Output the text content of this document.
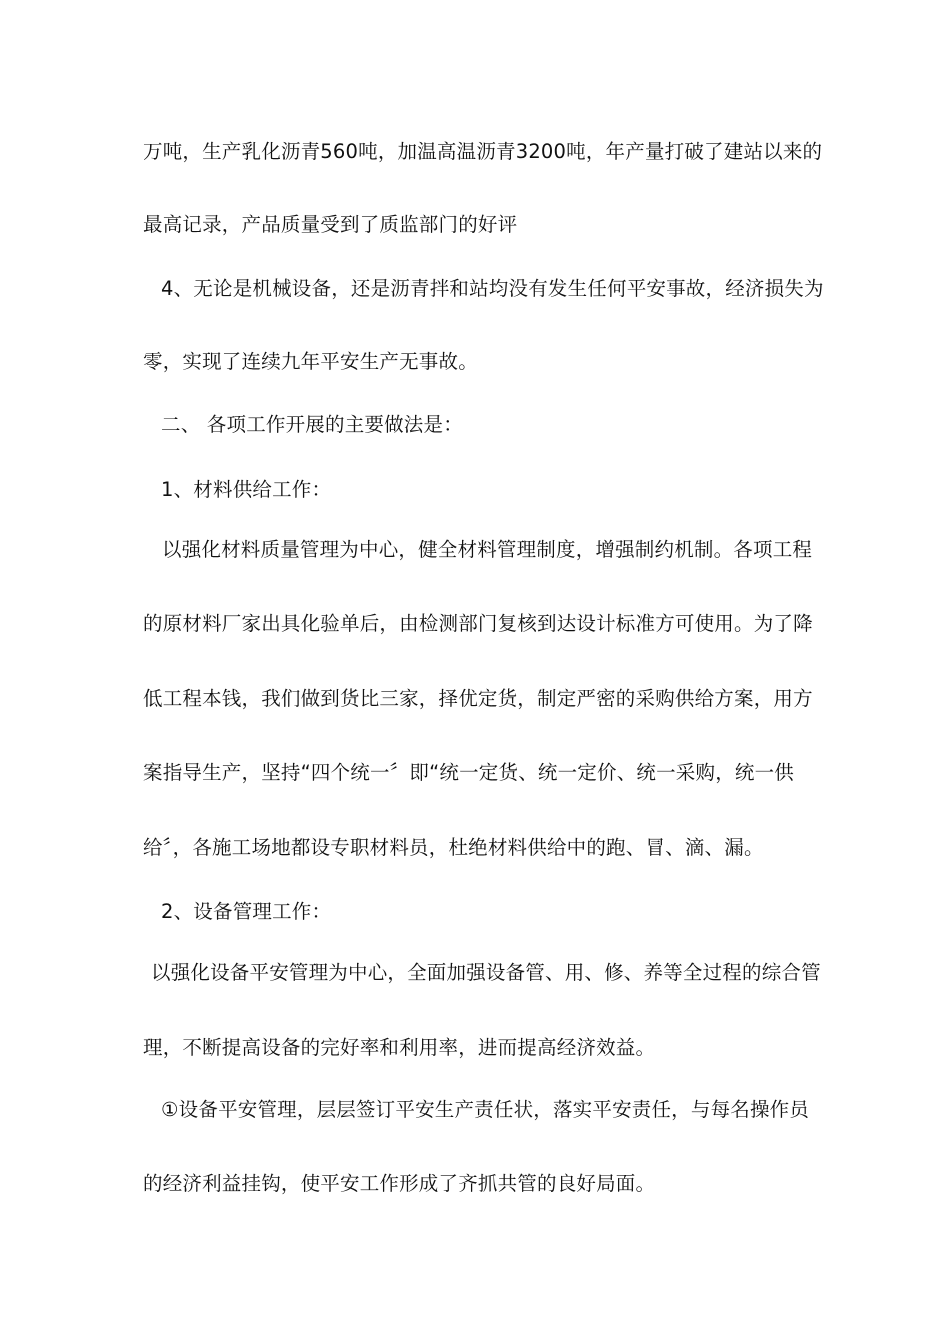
万吨，生产乳化沥青560吨，加温高温沥青3200吨，年产量打破了建站以来的
最高记录，产品质量受到了质监部门的好评
4、无论是机械设备，还是沥青拌和站均没有发生任何平安事故，经济损失为
零，实现了连续九年平安生产无事故。
二、 各项工作开展的主要做法是：
1、材料供给工作：
以强化材料质量管理为中心，健全材料管理制度，增强制约机制。各项工程
的原材料厂家出具化验单后，由检测部门复核到达设计标准方可使用。为了降
低工程本钱，我们做到货比三家，择优定货，制定严密的采购供给方案，用方
案指导生产，坚持“四个统一〞即“统一定货、统一定价、统一采购，统一供
给〞，各施工场地都设专职材料员，杜绝材料供给中的跑、冒、滴、漏。
2、设备管理工作：
以强化设备平安管理为中心，全面加强设备管、用、修、养等全过程的综合管
理，不断提高设备的完好率和利用率，进而提高经济效益。
①设备平安管理，层层签订平安生产责任状，落实平安责任，与每名操作员
的经济利益挂钩，使平安工作形成了齐抓共管的良好局面。
